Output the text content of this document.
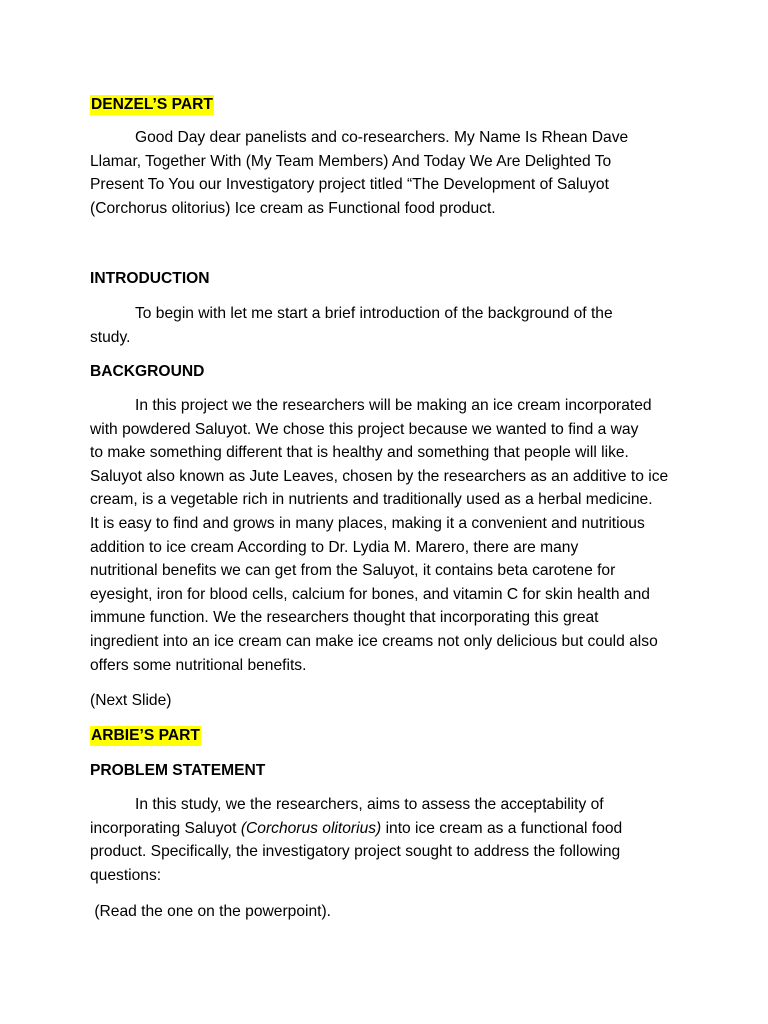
DENZEL’S PART
Good Day dear panelists and co-researchers. My Name Is Rhean Dave
Llamar, Together With (My Team Members) And Today We Are Delighted To
Present To You our Investigatory project titled “The Development of Saluyot
(Corchorus olitorius) Ice cream as Functional food product.
INTRODUCTION
To begin with let me start a brief introduction of the background of the
study.
BACKGROUND
In this project we the researchers will be making an ice cream incorporated
with powdered Saluyot. We chose this project because we wanted to find a way
to make something different that is healthy and something that people will like.
Saluyot also known as Jute Leaves, chosen by the researchers as an additive to ice
cream, is a vegetable rich in nutrients and traditionally used as a herbal medicine.
It is easy to find and grows in many places, making it a convenient and nutritious
addition to ice cream According to Dr. Lydia M. Marero, there are many
nutritional benefits we can get from the Saluyot, it contains beta carotene for
eyesight, iron for blood cells, calcium for bones, and vitamin C for skin health and
immune function. We the researchers thought that incorporating this great
ingredient into an ice cream can make ice creams not only delicious but could also
offers some nutritional benefits.
(Next Slide)
ARBIE’S PART
PROBLEM STATEMENT
In this study, we the researchers, aims to assess the acceptability of
incorporating Saluyot (Corchorus olitorius) into ice cream as a functional food
product. Specifically, the investigatory project sought to address the following
questions:
(Read the one on the powerpoint).
